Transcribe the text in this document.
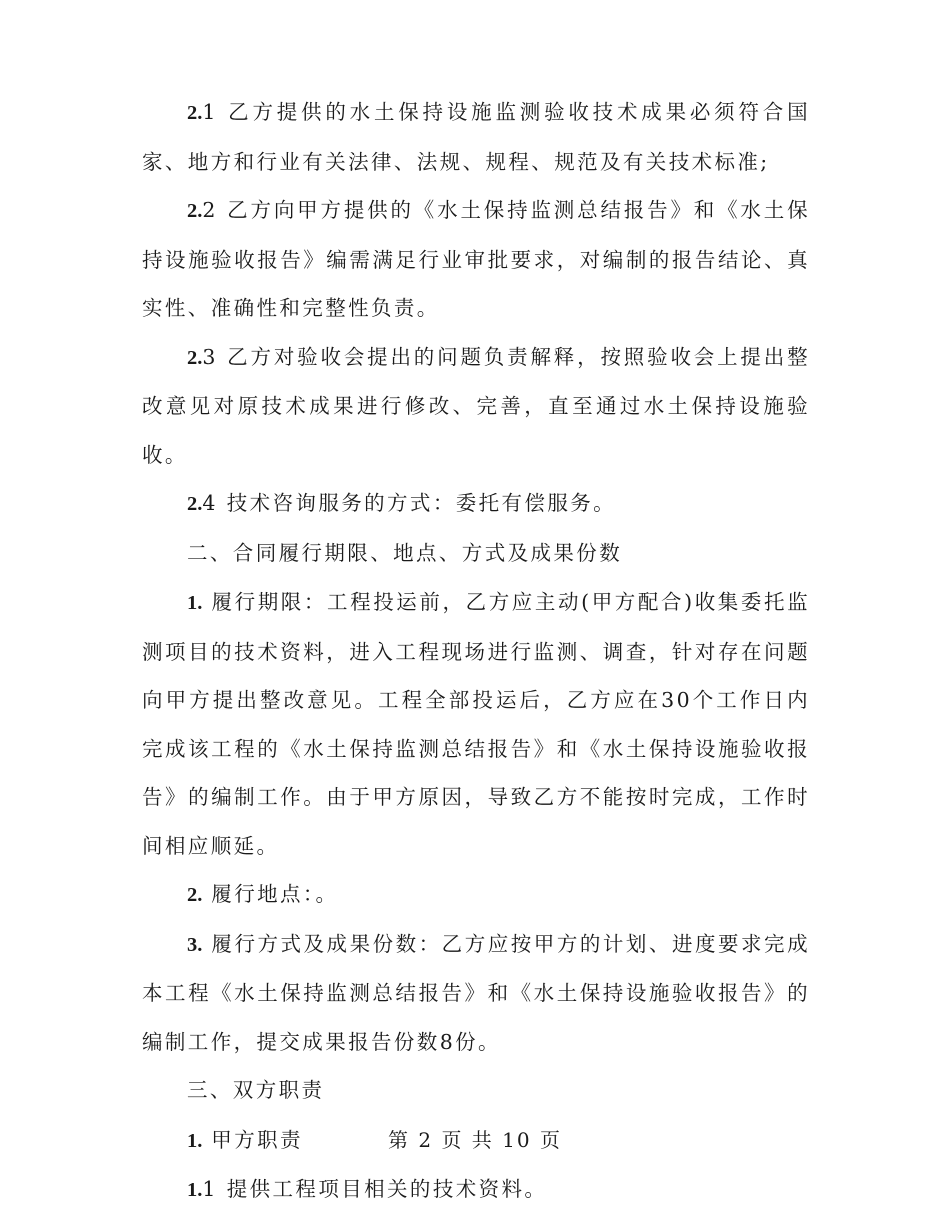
2.1 乙方提供的水土保持设施监测验收技术成果必须符合国家、地方和行业有关法律、法规、规程、规范及有关技术标准;

2.2 乙方向甲方提供的《水土保持监测总结报告》和《水土保持设施验收报告》编需满足行业审批要求，对编制的报告结论、真实性、准确性和完整性负责。

2.3 乙方对验收会提出的问题负责解释，按照验收会上提出整改意见对原技术成果进行修改、完善，直至通过水土保持设施验收。

2.4 技术咨询服务的方式：委托有偿服务。

二、合同履行期限、地点、方式及成果份数

1. 履行期限：工程投运前，乙方应主动(甲方配合)收集委托监测项目的技术资料，进入工程现场进行监测、调查，针对存在问题向甲方提出整改意见。工程全部投运后，乙方应在30个工作日内完成该工程的《水土保持监测总结报告》和《水土保持设施验收报告》的编制工作。由于甲方原因，导致乙方不能按时完成，工作时间相应顺延。

2. 履行地点：。

3. 履行方式及成果份数：乙方应按甲方的计划、进度要求完成本工程《水土保持监测总结报告》和《水土保持设施验收报告》的编制工作，提交成果报告份数8份。

三、双方职责

1. 甲方职责

1.1 提供工程项目相关的技术资料。

第 2 页 共 10 页
